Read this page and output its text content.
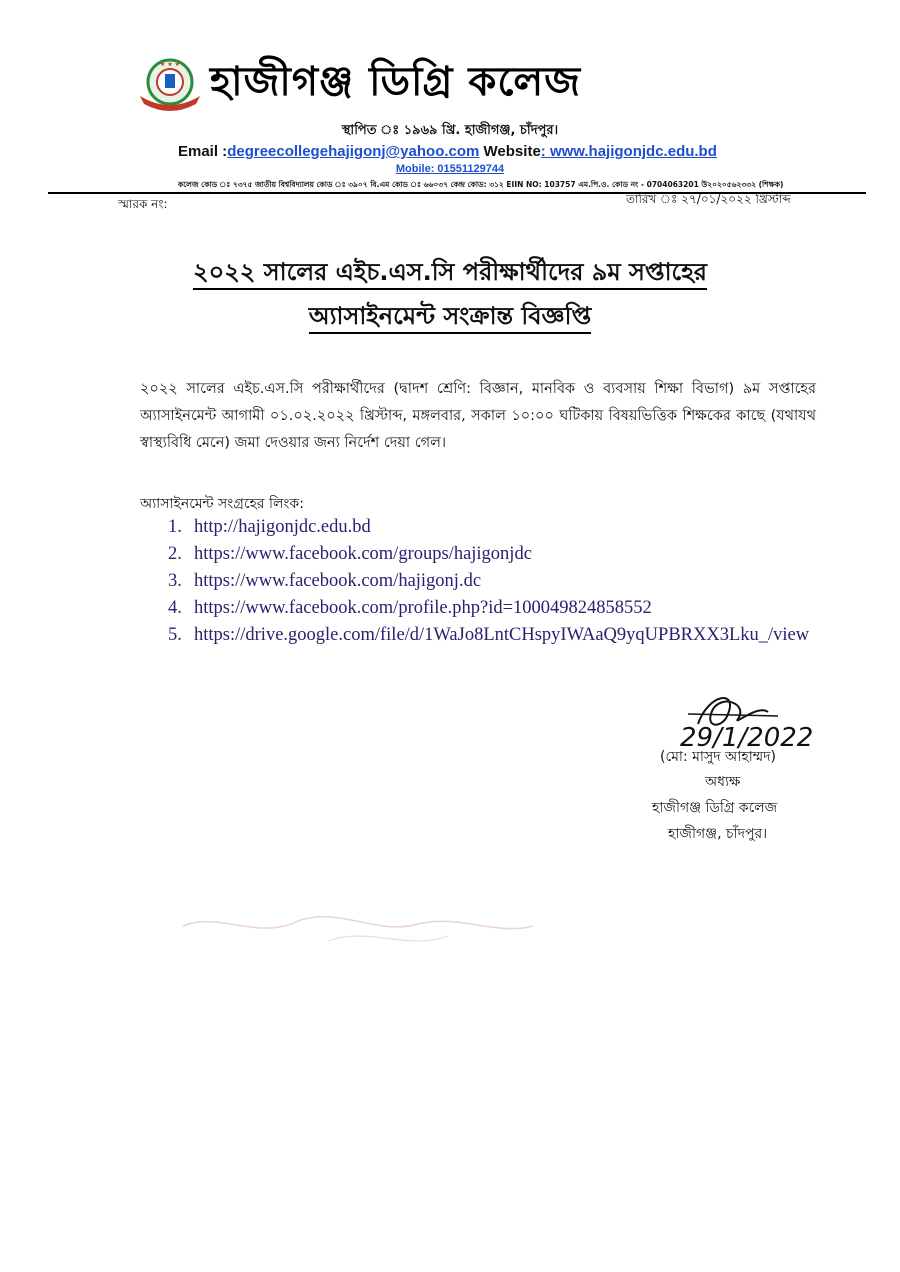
★ ★ ★ হাজীগঞ্জ ডিগ্রি কলেজ
স্থাপিত ঃ ১৯৬৯ খ্রি. হাজীগঞ্জ, চাঁদপুর।
Email :degreecollegehajigonj@yahoo.com Website: www.hajigonjdc.edu.bd
Mobile: 01551129744
কলেজ কোড ঃ ৭৩৭৫ জাতীয় বিশ্ববিদ্যালয় কোড ঃ ৩৯০৭ বি.এম কোড ঃ ৬৬০৩৭ কেন্দ্র কোড: ৩১২ EIIN NO: 103757 এম.পি.ও. কোড নং - 0704063201 উ২০২০৫৬২৩৩২ (শিক্ষক)
স্মারক নং:	তারিখ ঃ ২৭/০১/২০২২ খ্রিস্টাব্দ
২০২২ সালের এইচ.এস.সি পরীক্ষার্থীদের ৯ম সপ্তাহের
অ্যাসাইনমেন্ট সংক্রান্ত বিজ্ঞপ্তি
২০২২ সালের এইচ.এস.সি পরীক্ষার্থীদের (দ্বাদশ শ্রেণি: বিজ্ঞান, মানবিক ও ব্যবসায় শিক্ষা বিভাগ) ৯ম সপ্তাহের অ্যাসাইনমেন্ট আগামী ০১.০২.২০২২ খ্রিস্টাব্দ, মঙ্গলবার, সকাল ১০:০০ ঘটিকায় বিষয়ভিত্তিক শিক্ষকের কাছে (যথাযথ স্বাস্থ্যবিধি মেনে) জমা দেওয়ার জন্য নির্দেশ দেয়া গেল।
অ্যাসাইনমেন্ট সংগ্রহের লিংক:
1. http://hajigonjdc.edu.bd
2. https://www.facebook.com/groups/hajigonjdc
3. https://www.facebook.com/hajigonj.dc
4. https://www.facebook.com/profile.php?id=100049824858552
5. https://drive.google.com/file/d/1WaJo8LntCHspyIWAaQ9yqUPBRXX3Lku_/view
29/1/2022
(মো: মাসুদ আহাম্মদ)
অধ্যক্ষ
হাজীগঞ্জ ডিগ্রি কলেজ
হাজীগঞ্জ, চাঁদপুর।
